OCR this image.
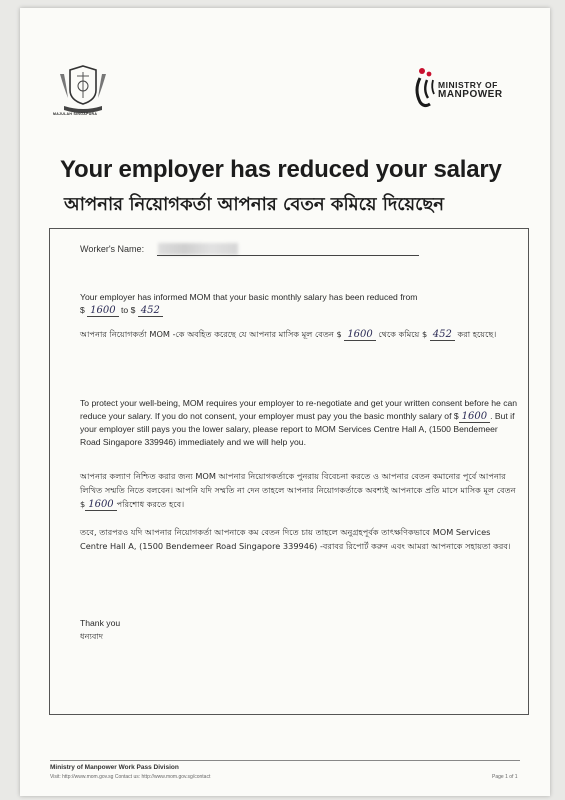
MAJULAH SINGAPURA
MINISTRY OF
MANPOWER
Your employer has reduced your salary
আপনার নিয়োগকর্তা আপনার বেতন কমিয়ে দিয়েছেন
Worker's Name:
Your employer has informed MOM that your basic monthly salary has been reduced from
$ 1600 to $ 452
আপনার নিয়োগকর্তা MOM -কে অবহিত করেছে যে আপনার মাসিক মূল বেতন $ 1600 থেকে কমিয়ে $ 452 করা হয়েছে।
To protect your well-being, MOM requires your employer to re-negotiate and get your written consent before he can reduce your salary. If you do not consent, your employer must pay you the basic monthly salary of $ 1600 . But if your employer still pays you the lower salary, please report to MOM Services Centre Hall A, (1500 Bendemeer Road Singapore 339946) immediately and we will help you.
আপনার কল্যাণ নিশ্চিত করার জন্য MOM আপনার নিয়োগকর্তাকে পুনরায় বিবেচনা করতে ও আপনার বেতন কমানোর পূর্বে আপনার লিখিত সম্মতি নিতে বলবেন। আপনি যদি সম্মতি না দেন তাহলে আপনার নিয়োগকর্তাকে অবশ্যই আপনাকে প্রতি মাসে মাসিক মূল বেতন $ 1600 পরিশোধ করতে হবে।
তবে, তারপরও যদি আপনার নিয়োগকর্তা আপনাকে কম বেতন দিতে চায় তাহলে অনুগ্রহপূর্বক তাৎক্ষণিকভাবে MOM Services Centre Hall A, (1500 Bendemeer Road Singapore 339946) -বরাবর রিপোর্ট করুন এবং আমরা আপনাকে সহায়তা করব।
Thank you
ধন্যবাদ
Ministry of Manpower Work Pass Division
Visit: http://www.mom.gov.sg Contact us: http://www.mom.gov.sg/contact	Page 1 of 1
